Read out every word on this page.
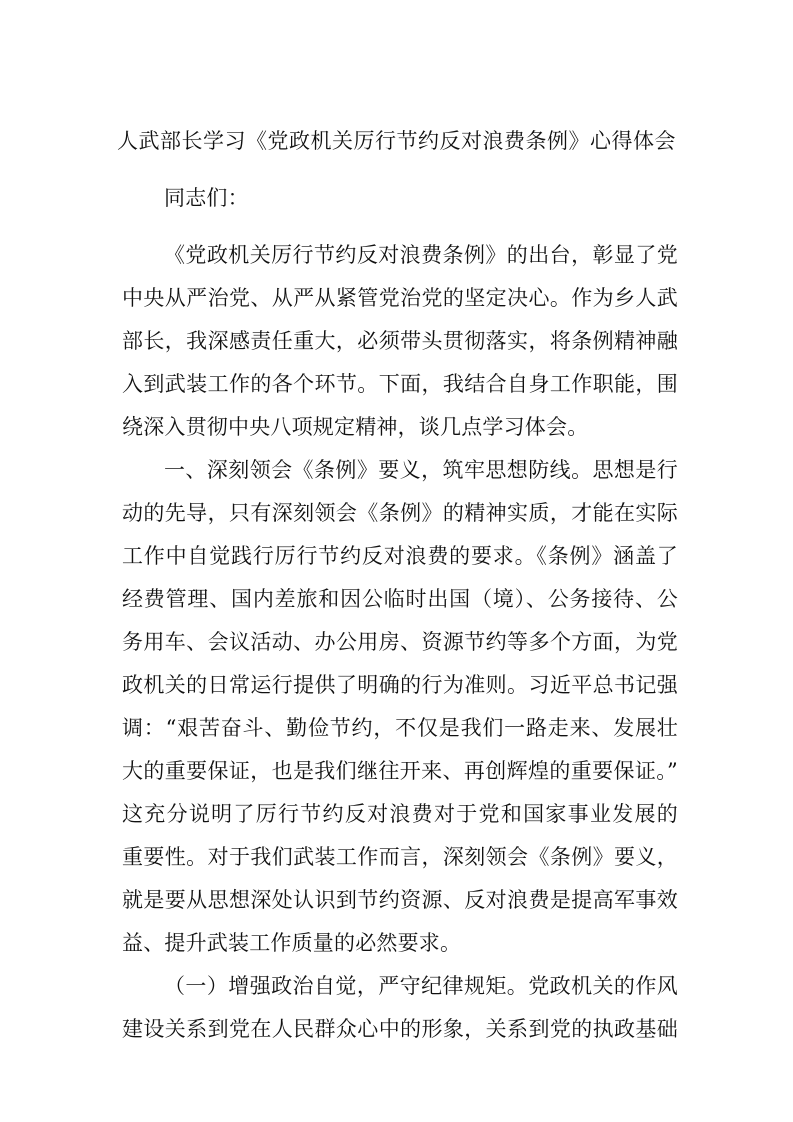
人武部长学习《党政机关厉行节约反对浪费条例》心得体会
同志们：
《党政机关厉行节约反对浪费条例》的出台，彰显了党
中央从严治党、从严从紧管党治党的坚定决心。作为乡人武
部长，我深感责任重大，必须带头贯彻落实，将条例精神融
入到武装工作的各个环节。下面，我结合自身工作职能，围
绕深入贯彻中央八项规定精神，谈几点学习体会。
一、深刻领会《条例》要义，筑牢思想防线。思想是行
动的先导，只有深刻领会《条例》的精神实质，才能在实际
工作中自觉践行厉行节约反对浪费的要求。《条例》涵盖了
经费管理、国内差旅和因公临时出国（境）、公务接待、公
务用车、会议活动、办公用房、资源节约等多个方面，为党
政机关的日常运行提供了明确的行为准则。习近平总书记强
调：“艰苦奋斗、勤俭节约，不仅是我们一路走来、发展壮
大的重要保证，也是我们继往开来、再创辉煌的重要保证。”
这充分说明了厉行节约反对浪费对于党和国家事业发展的
重要性。对于我们武装工作而言，深刻领会《条例》要义，
就是要从思想深处认识到节约资源、反对浪费是提高军事效
益、提升武装工作质量的必然要求。
（一）增强政治自觉，严守纪律规矩。党政机关的作风
建设关系到党在人民群众心中的形象，关系到党的执政基础
